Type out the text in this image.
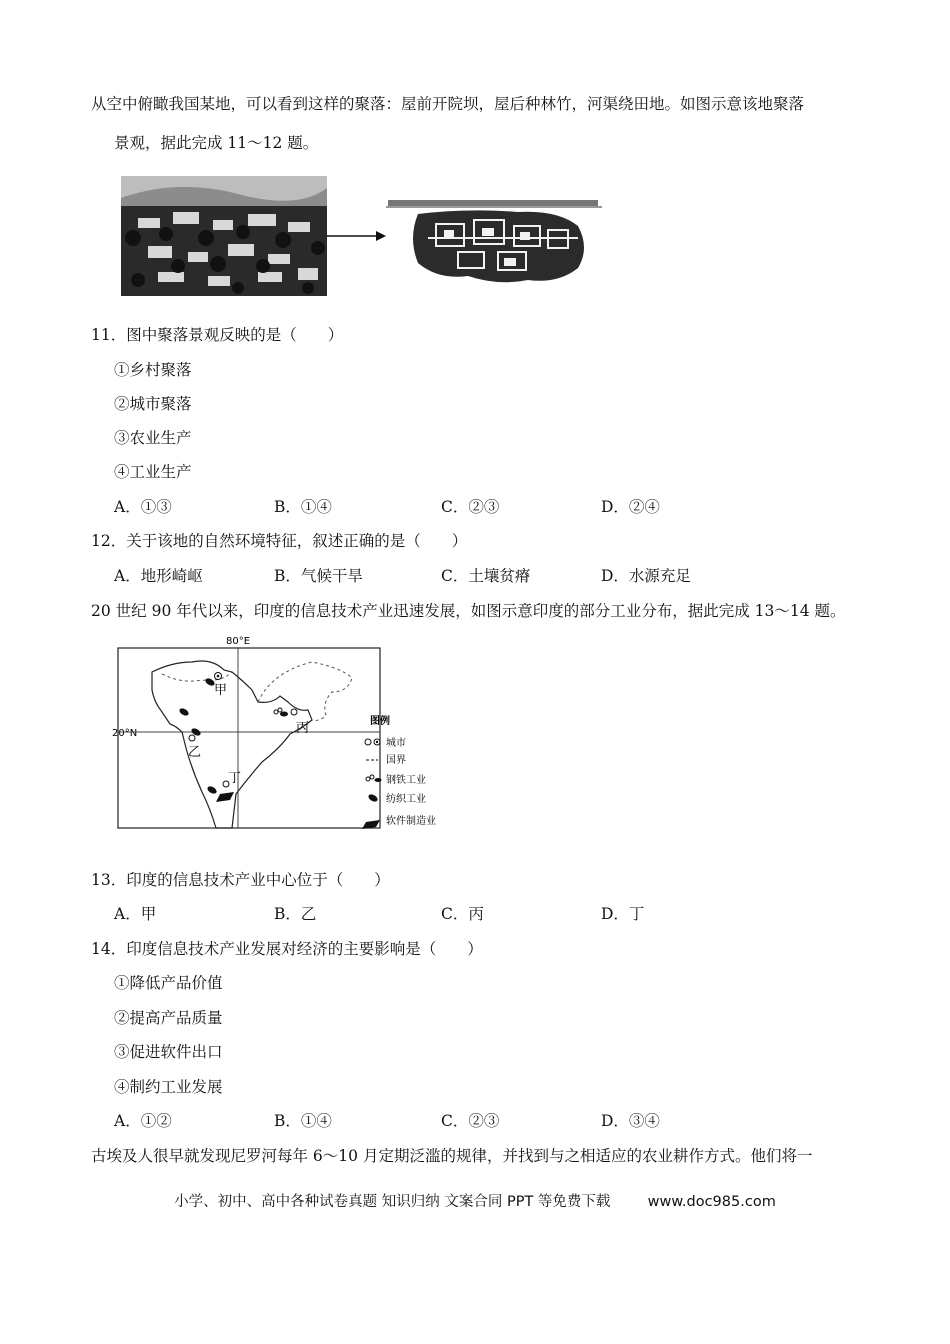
从空中俯瞰我国某地，可以看到这样的聚落：屋前开院坝，屋后种林竹，河渠绕田地。如图示意该地聚落
景观，据此完成 11～12 题。
11．图中聚落景观反映的是（　　）
①乡村聚落
②城市聚落
③农业生产
④工业生产
A．①③	B．①④	C．②③	D．②④
12．关于该地的自然环境特征，叙述正确的是（　　）
A．地形崎岖	B．气候干旱	C．土壤贫瘠	D．水源充足
20 世纪 90 年代以来，印度的信息技术产业迅速发展，如图示意印度的部分工业分布，据此完成 13～14 题。
80°E
20°N
甲
乙
丙
丁
图例
城市
国界
钢铁工业
纺织工业
软件制造业
13．印度的信息技术产业中心位于（　　）
A．甲	B．乙	C．丙	D．丁
14．印度信息技术产业发展对经济的主要影响是（　　）
①降低产品价值
②提高产品质量
③促进软件出口
④制约工业发展
A．①②	B．①④	C．②③	D．③④
古埃及人很早就发现尼罗河每年 6～10 月定期泛滥的规律，并找到与之相适应的农业耕作方式。他们将一
小学、初中、高中各种试卷真题 知识归纳 文案合同 PPT 等免费下载	www.doc985.com
